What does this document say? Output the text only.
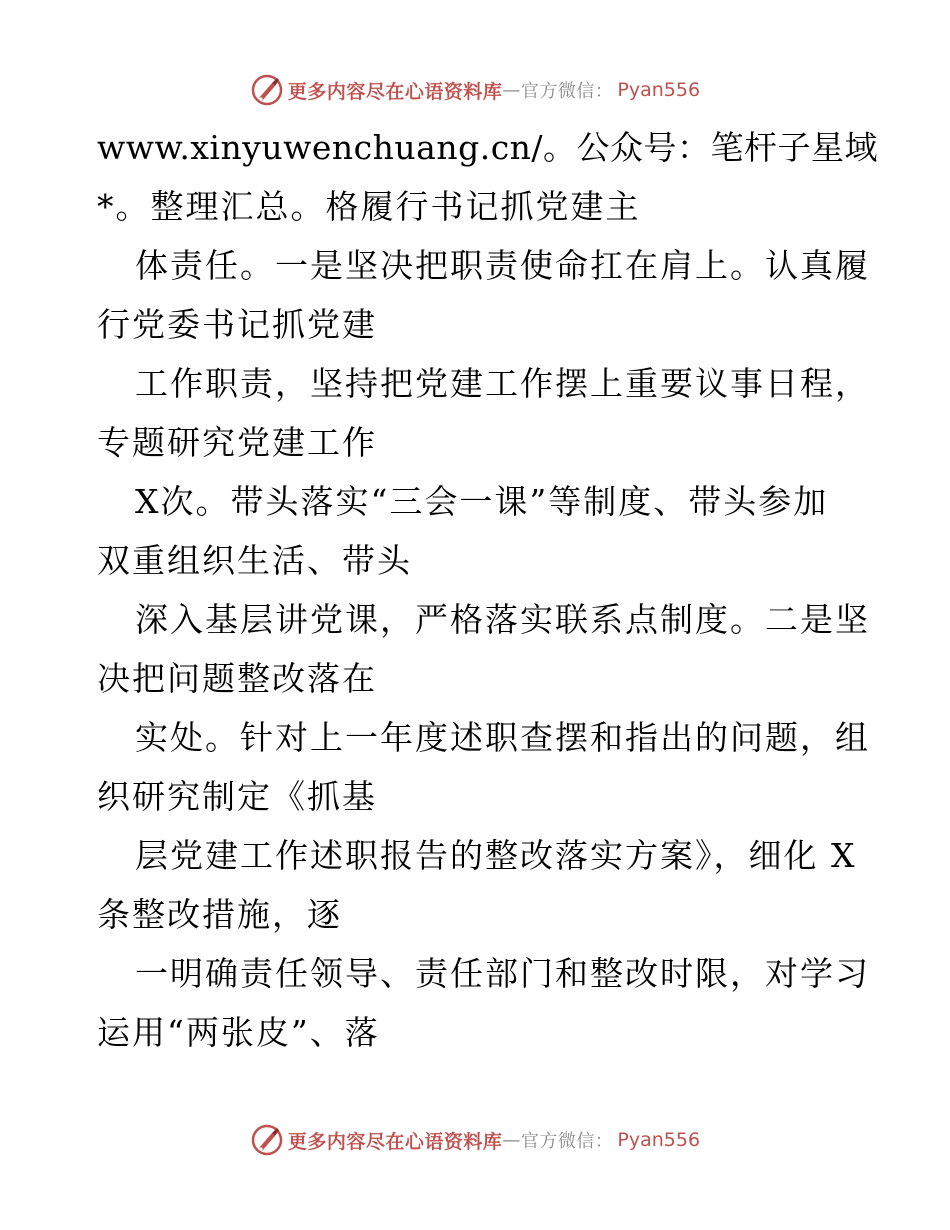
更多内容尽在心语资料库 — 官方微信： Pyan556
www.xinyuwenchuang.cn/。公众号：笔杆子星域
*。整理汇总。格履行书记抓党建主
体责任。一是坚决把职责使命扛在肩上。认真履
行党委书记抓党建
工作职责，坚持把党建工作摆上重要议事日程，
专题研究党建工作
X次。带头落实“三会一课”等制度、带头参加
双重组织生活、带头
深入基层讲党课，严格落实联系点制度。二是坚
决把问题整改落在
实处。针对上一年度述职查摆和指出的问题，组
织研究制定《抓基
层党建工作述职报告的整改落实方案》，细化 X
条整改措施，逐
一明确责任领导、责任部门和整改时限，对学习
运用“两张皮”、落
更多内容尽在心语资料库 — 官方微信： Pyan556
